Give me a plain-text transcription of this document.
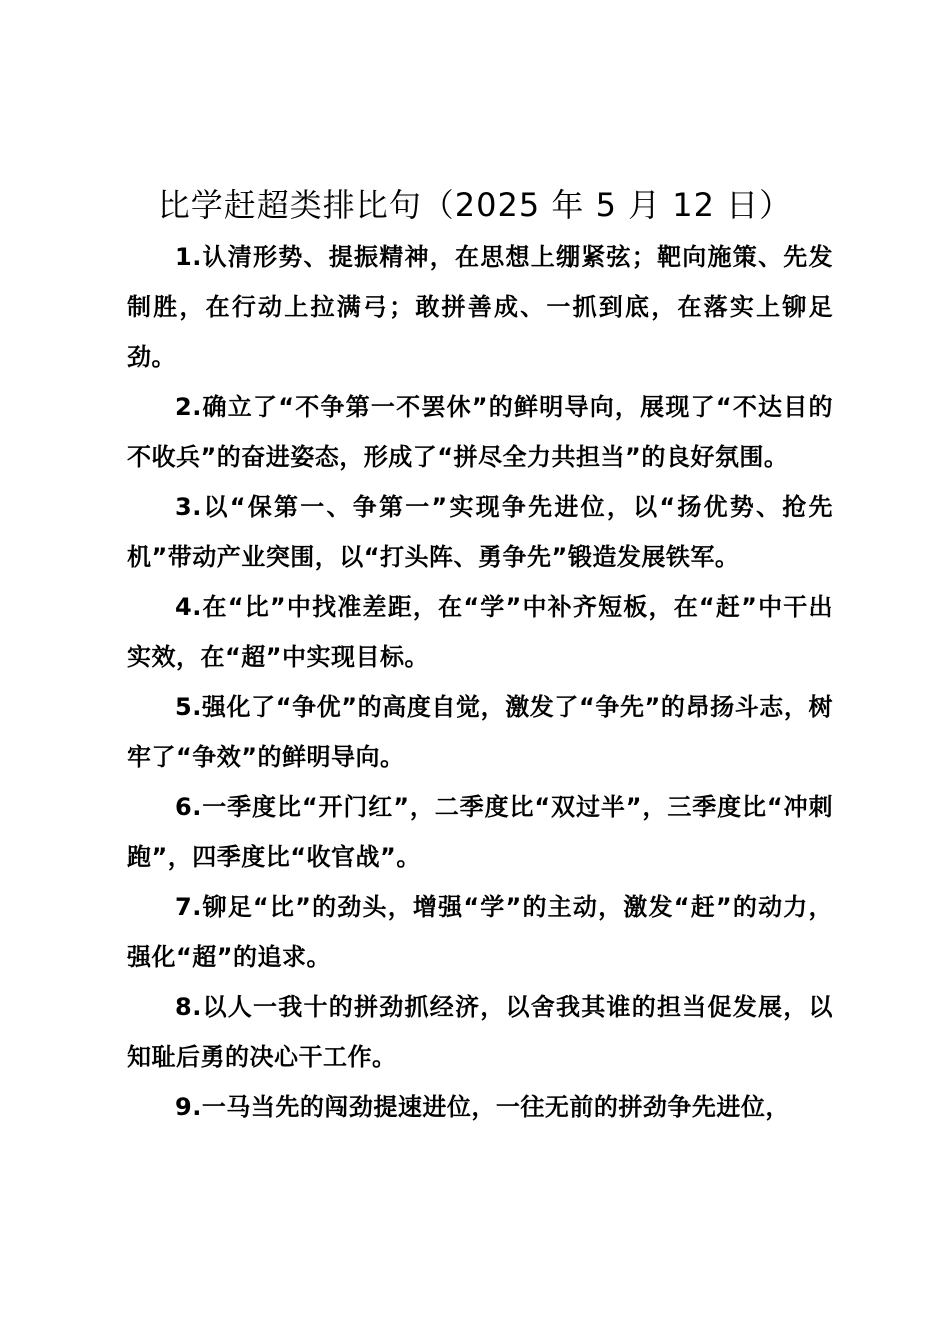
比学赶超类排比句（2025 年 5 月 12 日）

1.认清形势、提振精神，在思想上绷紧弦；靶向施策、先发制胜，在行动上拉满弓；敢拼善成、一抓到底，在落实上铆足劲。

2.确立了“不争第一不罢休”的鲜明导向，展现了“不达目的不收兵”的奋进姿态，形成了“拼尽全力共担当”的良好氛围。

3.以“保第一、争第一”实现争先进位，以“扬优势、抢先机”带动产业突围，以“打头阵、勇争先”锻造发展铁军。

4.在“比”中找准差距，在“学”中补齐短板，在“赶”中干出实效，在“超”中实现目标。

5.强化了“争优”的高度自觉，激发了“争先”的昂扬斗志，树牢了“争效”的鲜明导向。

6.一季度比“开门红”，二季度比“双过半”，三季度比“冲刺跑”，四季度比“收官战”。

7.铆足“比”的劲头，增强“学”的主动，激发“赶”的动力，强化“超”的追求。

8.以人一我十的拼劲抓经济，以舍我其谁的担当促发展，以知耻后勇的决心干工作。

9.一马当先的闯劲提速进位，一往无前的拼劲争先进位，
